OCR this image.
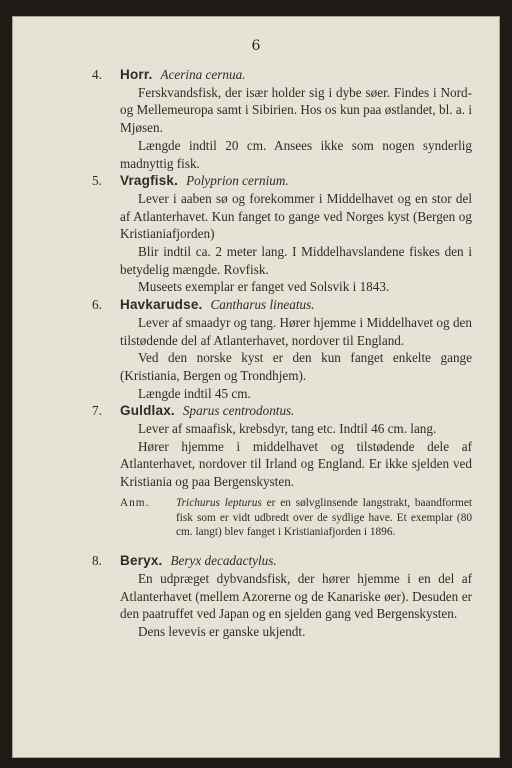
6
4. Horr. Acerina cernua.

Ferskvandsfisk, der især holder sig i dybe søer. Findes i Nord- og Mellemeuropa samt i Sibirien. Hos os kun paa østlandet, bl. a. i Mjøsen.

Længde indtil 20 cm. Ansees ikke som nogen synderlig madnyttig fisk.

5. Vragfisk. Polyprion cernium.

Lever i aaben sø og forekommer i Middelhavet og en stor del af Atlanterhavet. Kun fanget to gange ved Norges kyst (Bergen og Kristianiafjorden)

Blir indtil ca. 2 meter lang. I Middelhavslandene fiskes den i betydelig mængde. Rovfisk.

Museets exemplar er fanget ved Solsvik i 1843.

6. Havkarudse. Cantharus lineatus.

Lever af smaadyr og tang. Hører hjemme i Middelhavet og den tilstødende del af Atlanterhavet, nordover til England.

Ved den norske kyst er den kun fanget enkelte gange (Kristiania, Bergen og Trondhjem).

Længde indtil 45 cm.

7. Guldlax. Sparus centrodontus.

Lever af smaafisk, krebsdyr, tang etc. Indtil 46 cm. lang.

Hører hjemme i middelhavet og tilstødende dele af Atlanterhavet, nordover til Irland og England. Er ikke sjelden ved Kristiania og paa Bergenskysten.

Anm. Trichurus lepturus er en sølvglinsende langstrakt, baandformet fisk som er vidt udbredt over de sydlige have. Et exemplar (80 cm. langt) blev fanget i Kristianiafjorden i 1896.
8. Beryx. Beryx decadactylus.

En udpræget dybvandsfisk, der hører hjemme i en del af Atlanterhavet (mellem Azorerne og de Kanariske øer). Desuden er den paatruffet ved Japan og en sjelden gang ved Bergenskysten.

Dens levevis er ganske ukjendt.
